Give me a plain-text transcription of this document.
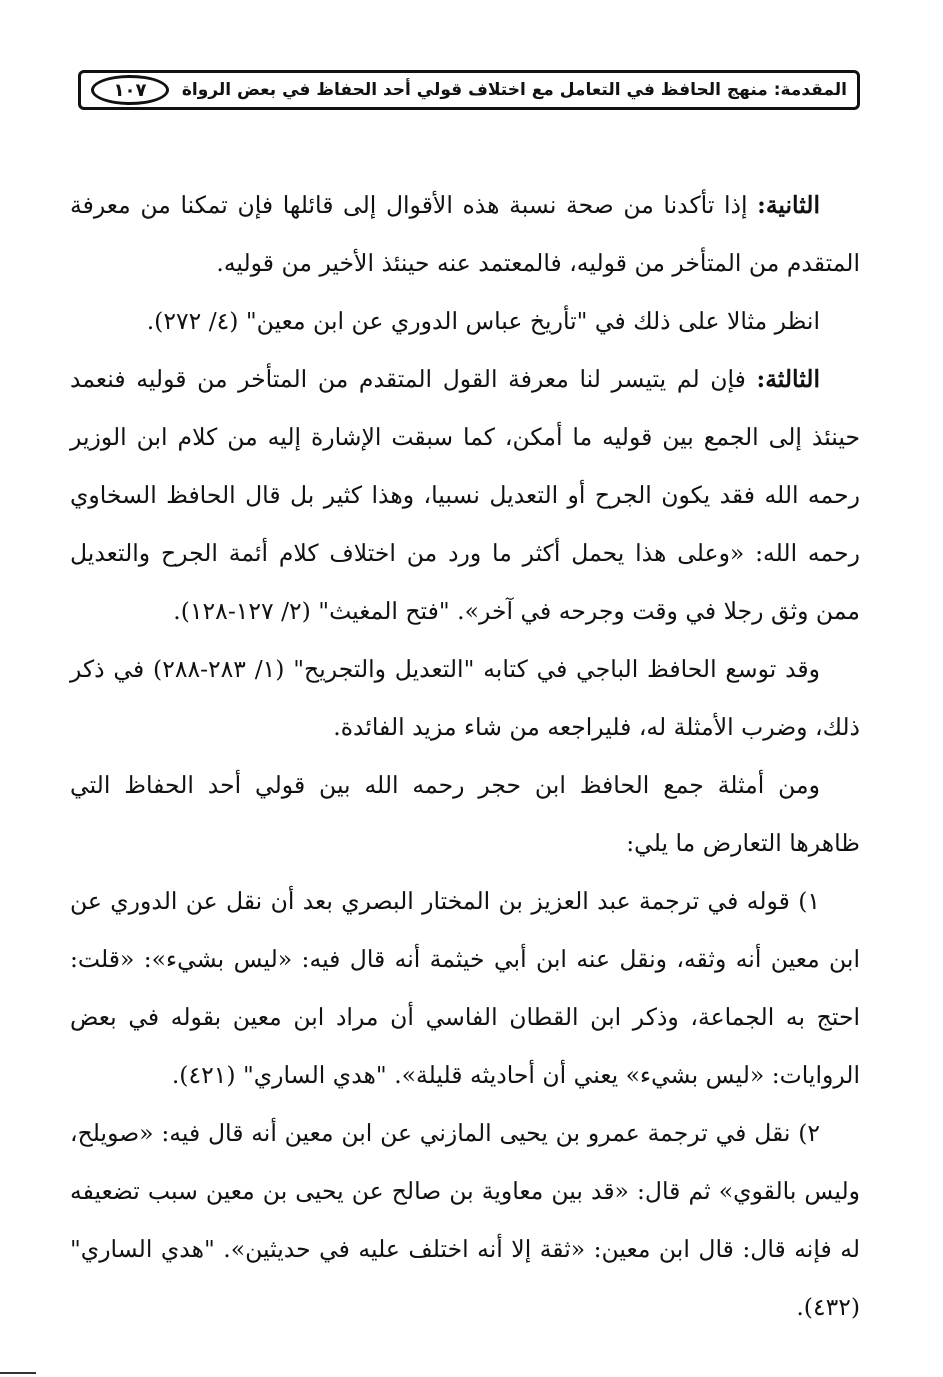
المقدمة: منهج الحافظ في التعامل مع اختلاف قولي أحد الحفاظ في بعض الرواة
١٠٧

الثانية: إذا تأكدنا من صحة نسبة هذه الأقوال إلى قائلها فإن تمكنا من معرفة المتقدم من المتأخر من قوليه، فالمعتمد عنه حينئذ الأخير من قوليه.

انظر مثالا على ذلك في "تأريخ عباس الدوري عن ابن معين" (٤/ ٢٧٢).

الثالثة: فإن لم يتيسر لنا معرفة القول المتقدم من المتأخر من قوليه فنعمد حينئذ إلى الجمع بين قوليه ما أمكن، كما سبقت الإشارة إليه من كلام ابن الوزير رحمه الله فقد يكون الجرح أو التعديل نسبيا، وهذا كثير بل قال الحافظ السخاوي رحمه الله: «وعلى هذا يحمل أكثر ما ورد من اختلاف كلام أئمة الجرح والتعديل ممن وثق رجلا في وقت وجرحه في آخر». "فتح المغيث" (٢/ ١٢٧-١٢٨).

وقد توسع الحافظ الباجي في كتابه "التعديل والتجريح" (١/ ٢٨٣-٢٨٨) في ذكر ذلك، وضرب الأمثلة له، فليراجعه من شاء مزيد الفائدة.

ومن أمثلة جمع الحافظ ابن حجر رحمه الله بين قولي أحد الحفاظ التي ظاهرها التعارض ما يلي:

١) قوله في ترجمة عبد العزيز بن المختار البصري بعد أن نقل عن الدوري عن ابن معين أنه وثقه، ونقل عنه ابن أبي خيثمة أنه قال فيه: «ليس بشيء»: «قلت: احتج به الجماعة، وذكر ابن القطان الفاسي أن مراد ابن معين بقوله في بعض الروايات: «ليس بشيء» يعني أن أحاديثه قليلة». "هدي الساري" (٤٢١).

٢) نقل في ترجمة عمرو بن يحيى المازني عن ابن معين أنه قال فيه: «صويلح، وليس بالقوي» ثم قال: «قد بين معاوية بن صالح عن يحيى بن معين سبب تضعيفه له فإنه قال: قال ابن معين: «ثقة إلا أنه اختلف عليه في حديثين». "هدي الساري" (٤٣٢).
